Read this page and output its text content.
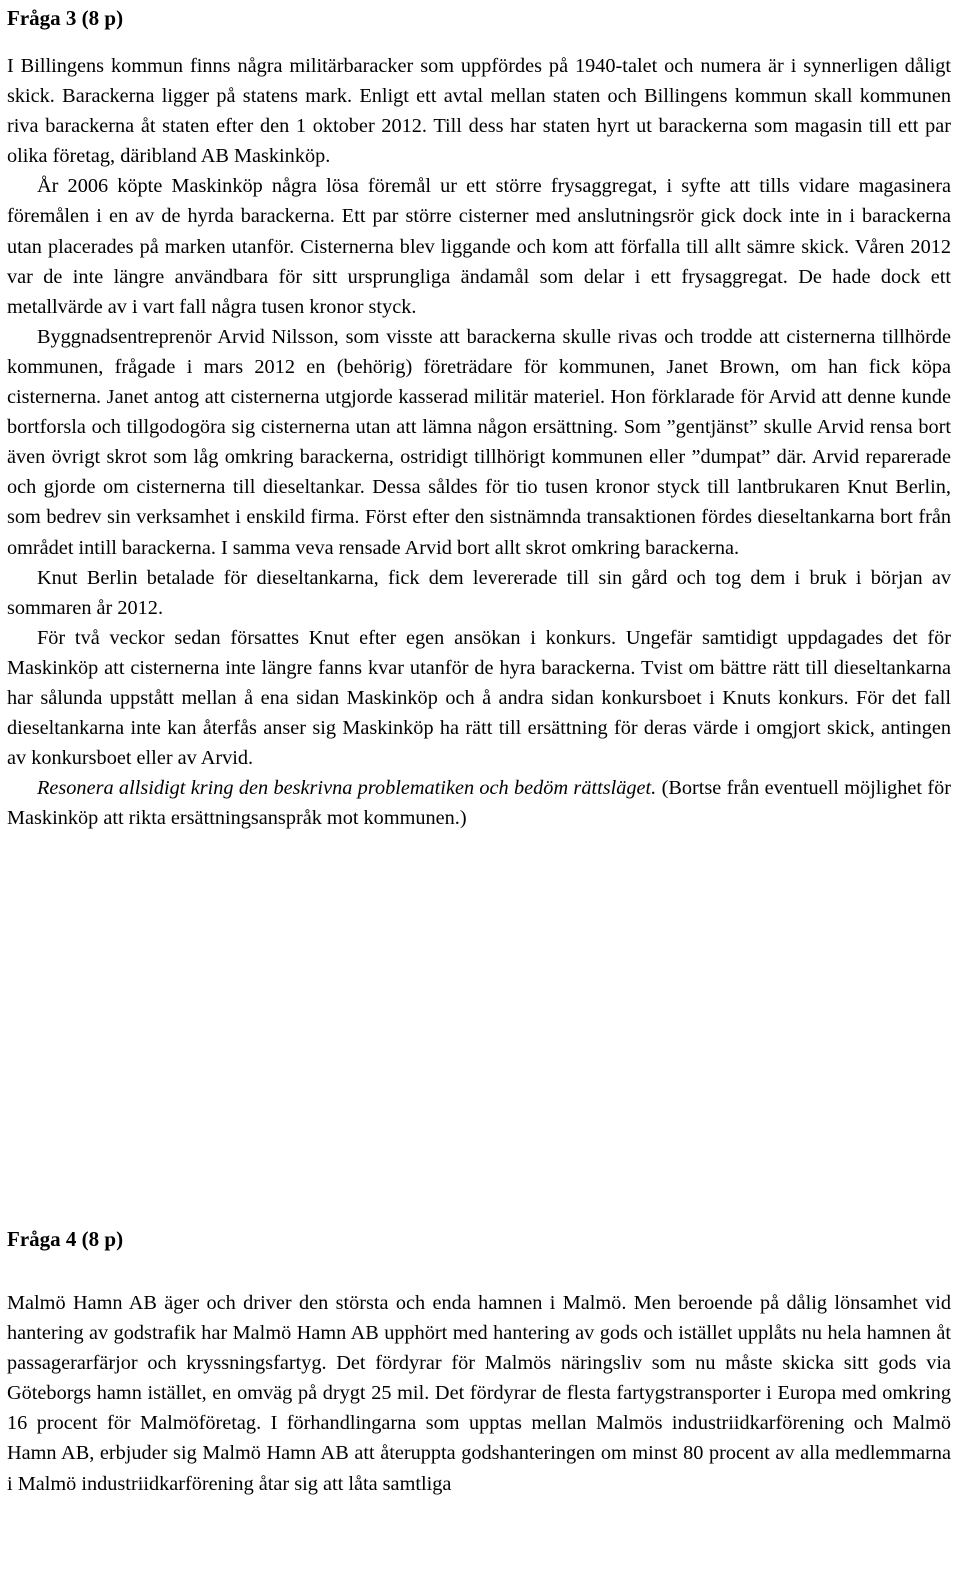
Fråga 3 (8 p)

I Billingens kommun finns några militärbaracker som uppfördes på 1940-talet och numera är i synnerligen dåligt skick. Barackerna ligger på statens mark. Enligt ett avtal mellan staten och Billingens kommun skall kommunen riva barackerna åt staten efter den 1 oktober 2012. Till dess har staten hyrt ut barackerna som magasin till ett par olika företag, däribland AB Maskinköp.

År 2006 köpte Maskinköp några lösa föremål ur ett större frysaggregat, i syfte att tills vidare magasinera föremålen i en av de hyrda barackerna. Ett par större cisterner med anslutningsrör gick dock inte in i barackerna utan placerades på marken utanför. Cisternerna blev liggande och kom att förfalla till allt sämre skick. Våren 2012 var de inte längre användbara för sitt ursprungliga ändamål som delar i ett frysaggregat. De hade dock ett metallvärde av i vart fall några tusen kronor styck.

Byggnadsentreprenör Arvid Nilsson, som visste att barackerna skulle rivas och trodde att cisternerna tillhörde kommunen, frågade i mars 2012 en (behörig) företrädare för kommunen, Janet Brown, om han fick köpa cisternerna. Janet antog att cisternerna utgjorde kasserad militär materiel. Hon förklarade för Arvid att denne kunde bortforsla och tillgodogöra sig cisternerna utan att lämna någon ersättning. Som ”gentjänst” skulle Arvid rensa bort även övrigt skrot som låg omkring barackerna, ostridigt tillhörigt kommunen eller ”dumpat” där. Arvid reparerade och gjorde om cisternerna till dieseltankar. Dessa såldes för tio tusen kronor styck till lantbrukaren Knut Berlin, som bedrev sin verksamhet i enskild firma. Först efter den sistnämnda transaktionen fördes dieseltankarna bort från området intill barackerna. I samma veva rensade Arvid bort allt skrot omkring barackerna.

Knut Berlin betalade för dieseltankarna, fick dem levererade till sin gård och tog dem i bruk i början av sommaren år 2012.

För två veckor sedan försattes Knut efter egen ansökan i konkurs. Ungefär samtidigt uppdagades det för Maskinköp att cisternerna inte längre fanns kvar utanför de hyra barackerna. Tvist om bättre rätt till dieseltankarna har sålunda uppstått mellan å ena sidan Maskinköp och å andra sidan konkursboet i Knuts konkurs. För det fall dieseltankarna inte kan återfås anser sig Maskinköp ha rätt till ersättning för deras värde i omgjort skick, antingen av konkursboet eller av Arvid.

Resonera allsidigt kring den beskrivna problematiken och bedöm rättsläget. (Bortse från eventuell möjlighet för Maskinköp att rikta ersättningsanspråk mot kommunen.)

Fråga 4 (8 p)

Malmö Hamn AB äger och driver den största och enda hamnen i Malmö. Men beroende på dålig lönsamhet vid hantering av godstrafik har Malmö Hamn AB upphört med hantering av gods och istället upplåts nu hela hamnen åt passagerarfärjor och kryssningsfartyg. Det fördyrar för Malmös näringsliv som nu måste skicka sitt gods via Göteborgs hamn istället, en omväg på drygt 25 mil. Det fördyrar de flesta fartygstransporter i Europa med omkring 16 procent för Malmöföretag. I förhandlingarna som upptas mellan Malmös industriidkarförening och Malmö Hamn AB, erbjuder sig Malmö Hamn AB att återuppta godshanteringen om minst 80 procent av alla medlemmarna i Malmö industriidkarförening åtar sig att låta samtliga
